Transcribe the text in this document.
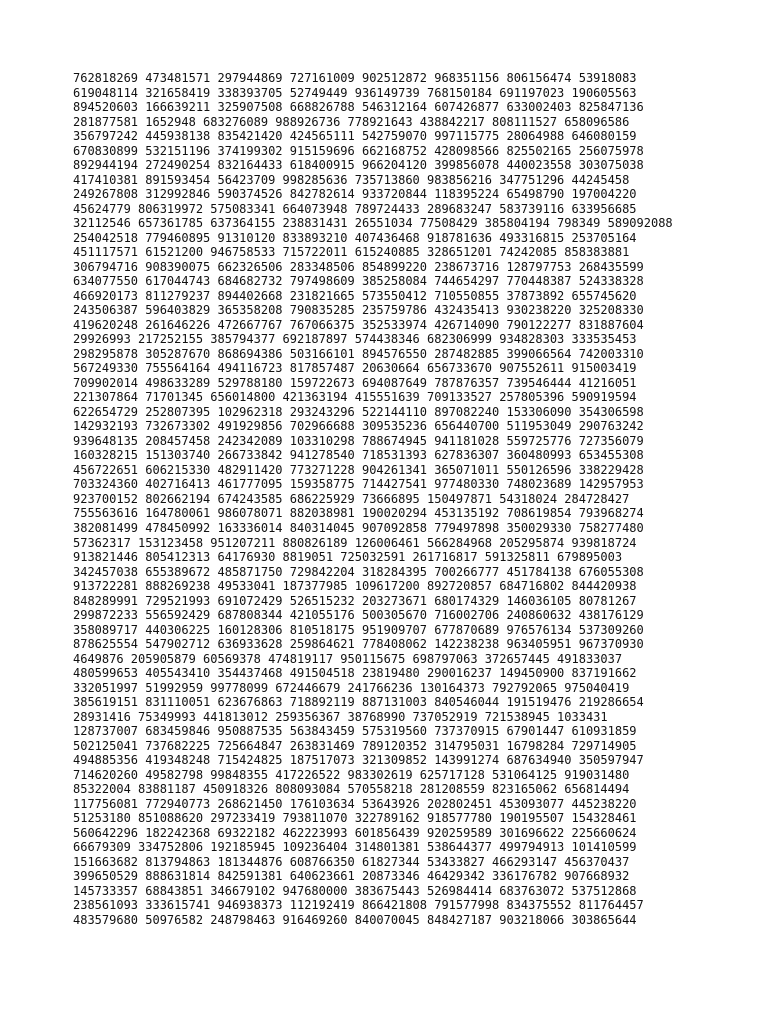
762818269 473481571 297944869 727161009 902512872 968351156 806156474 53918083
619048114 321658419 338393705 52749449 936149739 768150184 691197023 190605563
894520603 166639211 325907508 668826788 546312164 607426877 633002403 825847136
281877581 1652948 683276089 988926736 778921643 438842217 808111527 658096586
356797242 445938138 835421420 424565111 542759070 997115775 28064988 646080159
670830899 532151196 374199302 915159696 662168752 428098566 825502165 256075978
892944194 272490254 832164433 618400915 966204120 399856078 440023558 303075038
417410381 891593454 56423709 998285636 735713860 983856216 347751296 44245458
249267808 312992846 590374526 842782614 933720844 118395224 65498790 197004220
45624779 806319972 575083341 664073948 789724433 289683247 583739116 633956685
32112546 657361785 637364155 238831431 26551034 77508429 385804194 798349 589092088
254042518 779460895 91310120 833893210 407436468 918781636 493316815 253705164
451117571 61521200 946758533 715722011 615240885 328651201 74242085 858383881
306794716 908390075 662326506 283348506 854899220 238673716 128797753 268435599
634077550 617044743 684682732 797498609 385258084 744654297 770448387 524338328
466920173 811279237 894402668 231821665 573550412 710550855 37873892 655745620
243506387 596403829 365358208 790835285 235759786 432435413 930238220 325208330
419620248 261646226 472667767 767066375 352533974 426714090 790122277 831887604
29926993 217252155 385794377 692187897 574438346 682306999 934828303 333535453
298295878 305287670 868694386 503166101 894576550 287482885 399066564 742003310
567249330 755564164 494116723 817857487 20630664 656733670 907552611 915003419
709902014 498633289 529788180 159722673 694087649 787876357 739546444 41216051
221307864 71701345 656014800 421363194 415551639 709133527 257805396 590919594
622654729 252807395 102962318 293243296 522144110 897082240 153306090 354306598
142932193 732673302 491929856 702966688 309535236 656440700 511953049 290763242
939648135 208457458 242342089 103310298 788674945 941181028 559725776 727356079
160328215 151303740 266733842 941278540 718531393 627836307 360480993 653455308
456722651 606215330 482911420 773271228 904261341 365071011 550126596 338229428
703324360 402716413 461777095 159358775 714427541 977480330 748023689 142957953
923700152 802662194 674243585 686225929 73666895 150497871 54318024 284728427
755563616 164780061 986078071 882038981 190020294 453135192 708619854 793968274
382081499 478450992 163336014 840314045 907092858 779497898 350029330 758277480
57362317 153123458 951207211 880826189 126006461 566284968 205295874 939818724
913821446 805412313 64176930 8819051 725032591 261716817 591325811 679895003
342457038 655389672 485871750 729842204 318284395 700266777 451784138 676055308
913722281 888269238 49533041 187377985 109617200 892720857 684716802 844420938
848289991 729521993 691072429 526515232 203273671 680174329 146036105 80781267
299872233 556592429 687808344 421055176 500305670 716002706 240860632 438176129
358089717 440306225 160128306 810518175 951909707 677870689 976576134 537309260
878625554 547902712 636933628 259864621 778408062 142238238 963405951 967370930
4649876 205905879 60569378 474819117 950115675 698797063 372657445 491833037
480599653 405543410 354437468 491504518 23819480 290016237 149450900 837191662
332051997 51992959 99778099 672446679 241766236 130164373 792792065 975040419
385619151 831110051 623676863 718892119 887131003 840546044 191519476 219286654
28931416 75349993 441813012 259356367 38768990 737052919 721538945 1033431
128737007 683459846 950887535 563843459 575319560 737370915 67901447 610931859
502125041 737682225 725664847 263831469 789120352 314795031 16798284 729714905
494885356 419348248 715424825 187517073 321309852 143991274 687634940 350597947
714620260 49582798 99848355 417226522 983302619 625717128 531064125 919031480
85322004 83881187 450918326 808093084 570558218 281208559 823165062 656814494
117756081 772940773 268621450 176103634 53643926 202802451 453093077 445238220
51253180 851088620 297233419 793811070 322789162 918577780 190195507 154328461
560642296 182242368 69322182 462223993 601856439 920259589 301696622 225660624
66679309 334752806 192185945 109236404 314801381 538644377 499794913 101410599
151663682 813794863 181344876 608766350 61827344 53433827 466293147 456370437
399650529 888631814 842591381 640623661 20873346 46429342 336176782 907668932
145733357 68843851 346679102 947680000 383675443 526984414 683763072 537512868
238561093 333615741 946938373 112192419 866421808 791577998 834375552 811764457
483579680 50976582 248798463 916469260 840070045 848427187 903218066 303865644
